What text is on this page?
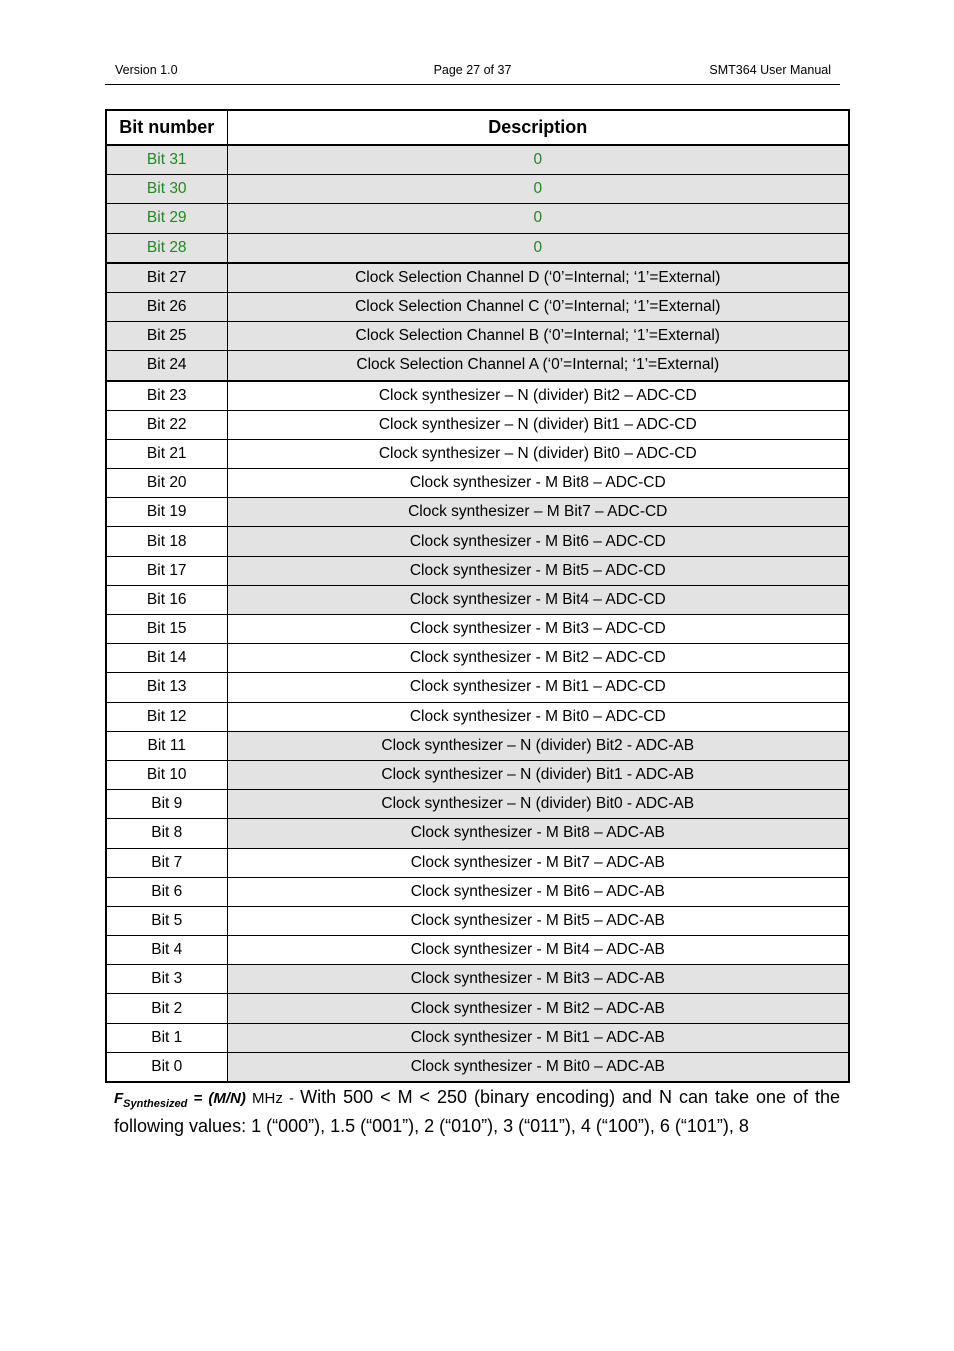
Version 1.0	Page 27 of 37	SMT364 User Manual
Bit number	Description
Bit 31	0
Bit 30	0
Bit 29	0
Bit 28	0
Bit 27	Clock Selection Channel D (‘0’=Internal; ‘1’=External)
Bit 26	Clock Selection Channel C (‘0’=Internal; ‘1’=External)
Bit 25	Clock Selection Channel B (‘0’=Internal; ‘1’=External)
Bit 24	Clock Selection Channel A (‘0’=Internal; ‘1’=External)
Bit 23	Clock synthesizer – N (divider) Bit2 – ADC-CD
Bit 22	Clock synthesizer – N (divider) Bit1 – ADC-CD
Bit 21	Clock synthesizer – N (divider) Bit0 – ADC-CD
Bit 20	Clock synthesizer - M Bit8 – ADC-CD
Bit 19	Clock synthesizer – M Bit7 – ADC-CD
Bit 18	Clock synthesizer - M Bit6 – ADC-CD
Bit 17	Clock synthesizer - M Bit5 – ADC-CD
Bit 16	Clock synthesizer - M Bit4 – ADC-CD
Bit 15	Clock synthesizer - M Bit3 – ADC-CD
Bit 14	Clock synthesizer - M Bit2 – ADC-CD
Bit 13	Clock synthesizer - M Bit1 – ADC-CD
Bit 12	Clock synthesizer - M Bit0 – ADC-CD
Bit 11	Clock synthesizer – N (divider) Bit2 - ADC-AB
Bit 10	Clock synthesizer – N (divider) Bit1 - ADC-AB
Bit 9	Clock synthesizer – N (divider) Bit0 - ADC-AB
Bit 8	Clock synthesizer - M Bit8 – ADC-AB
Bit 7	Clock synthesizer - M Bit7 – ADC-AB
Bit 6	Clock synthesizer - M Bit6 – ADC-AB
Bit 5	Clock synthesizer - M Bit5 – ADC-AB
Bit 4	Clock synthesizer - M Bit4 – ADC-AB
Bit 3	Clock synthesizer - M Bit3 – ADC-AB
Bit 2	Clock synthesizer - M Bit2 – ADC-AB
Bit 1	Clock synthesizer - M Bit1 – ADC-AB
Bit 0	Clock synthesizer - M Bit0 – ADC-AB
$F_{Synthesized} = (M/N)$ MHz - With 500 < M < 250 (binary encoding) and N can take one of the following values: 1 (“000”), 1.5 (“001”), 2 (“010”), 3 (“011”), 4 (“100”), 6 (“101”), 8
